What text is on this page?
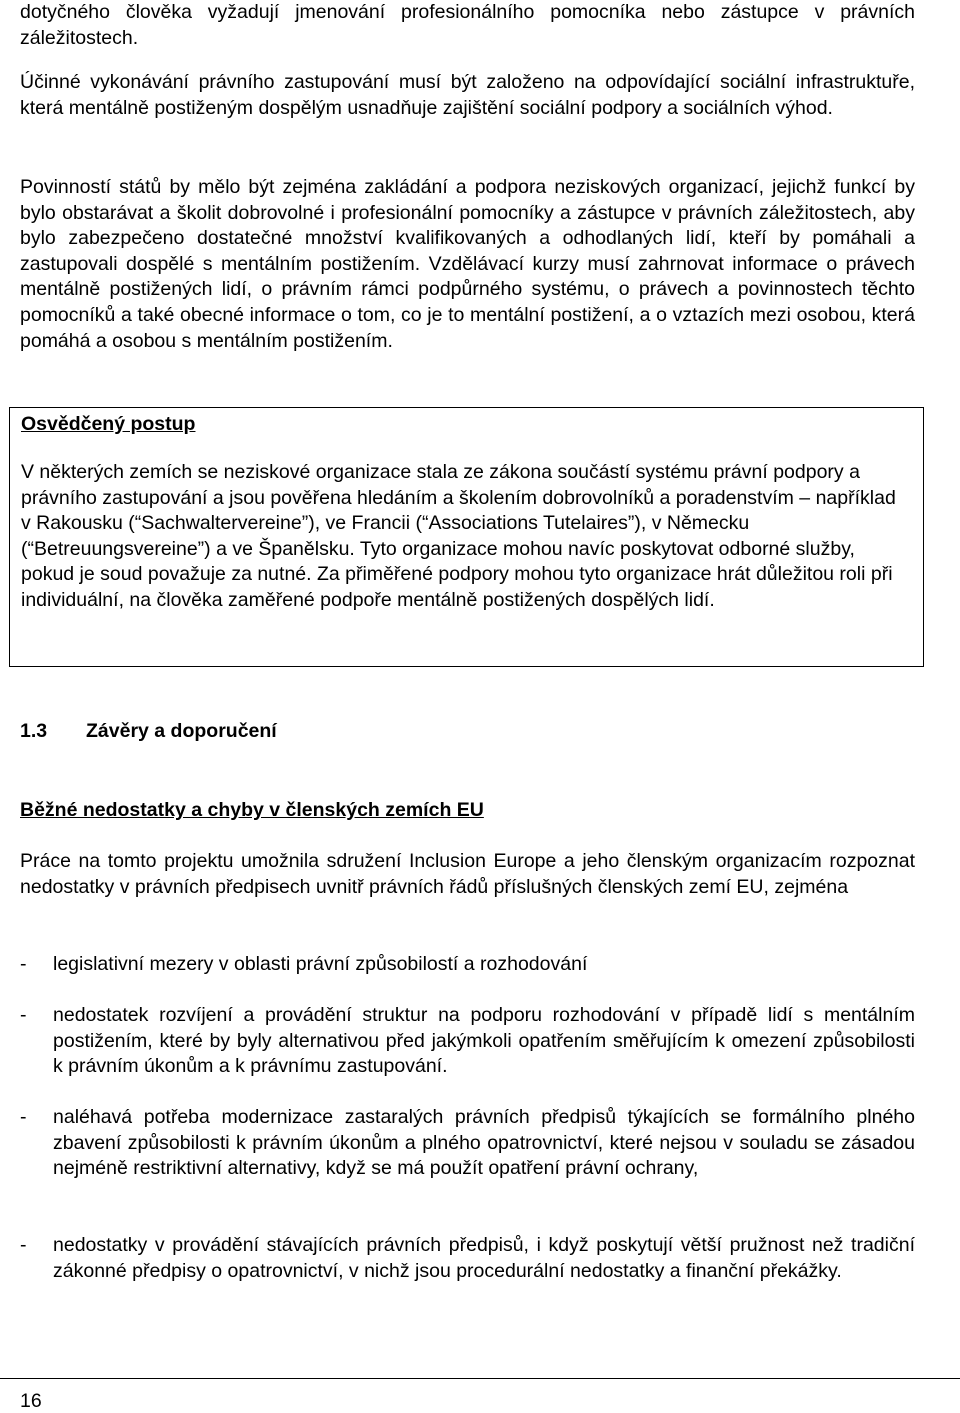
dotyčného člověka vyžadují jmenování profesionálního pomocníka nebo zástupce v právních záležitostech.

Účinné vykonávání právního zastupování musí být založeno na odpovídající sociální infrastruktuře, která mentálně postiženým dospělým usnadňuje zajištění sociální podpory a sociálních výhod.

Povinností států by mělo být zejména zakládání a podpora neziskových organizací, jejichž funkcí by bylo obstarávat a školit dobrovolné i profesionální pomocníky a zástupce v právních záležitostech, aby bylo zabezpečeno dostatečné množství kvalifikovaných a odhodlaných lidí, kteří by pomáhali a zastupovali dospělé s mentálním postižením. Vzdělávací kurzy musí zahrnovat informace o právech mentálně postižených lidí, o právním rámci podpůrného systému, o právech a povinnostech těchto pomocníků a také obecné informace o tom, co je to mentální postižení, a o vztazích mezi osobou, která pomáhá a osobou s mentálním postižením.

Osvědčený postup

V některých zemích se neziskové organizace stala ze zákona součástí systému právní podpory a právního zastupování a jsou pověřena hledáním a školením dobrovolníků a poradenstvím – například v Rakousku (“Sachwaltervereine”), ve Francii (“Associations Tutelaires”), v Německu (“Betreuungsvereine”) a ve Španělsku. Tyto organizace mohou navíc poskytovat odborné služby, pokud je soud považuje za nutné. Za přiměřené podpory mohou tyto organizace hrát důležitou roli při individuální, na člověka zaměřené podpoře mentálně postižených dospělých lidí.

1.3 Závěry a doporučení

Běžné nedostatky a chyby v členských zemích EU

Práce na tomto projektu umožnila sdružení Inclusion Europe a jeho členským organizacím rozpoznat nedostatky v právních předpisech uvnitř právních řádů příslušných členských zemí EU, zejména

- legislativní mezery v oblasti právní způsobilostí a rozhodování
- nedostatek rozvíjení a provádění struktur na podporu rozhodování v případě lidí s mentálním postižením, které by byly alternativou před jakýmkoli opatřením směřujícím k omezení způsobilosti k právním úkonům a k právnímu zastupování.
- naléhavá potřeba modernizace zastaralých právních předpisů týkajících se formálního plného zbavení způsobilosti k právním úkonům a plného opatrovnictví, které nejsou v souladu se zásadou nejméně restriktivní alternativy, když se má použít opatření právní ochrany,
- nedostatky v provádění stávajících právních předpisů, i když poskytují větší pružnost než tradiční zákonné předpisy o opatrovnictví, v nichž jsou procedurální nedostatky a finanční překážky.

16
